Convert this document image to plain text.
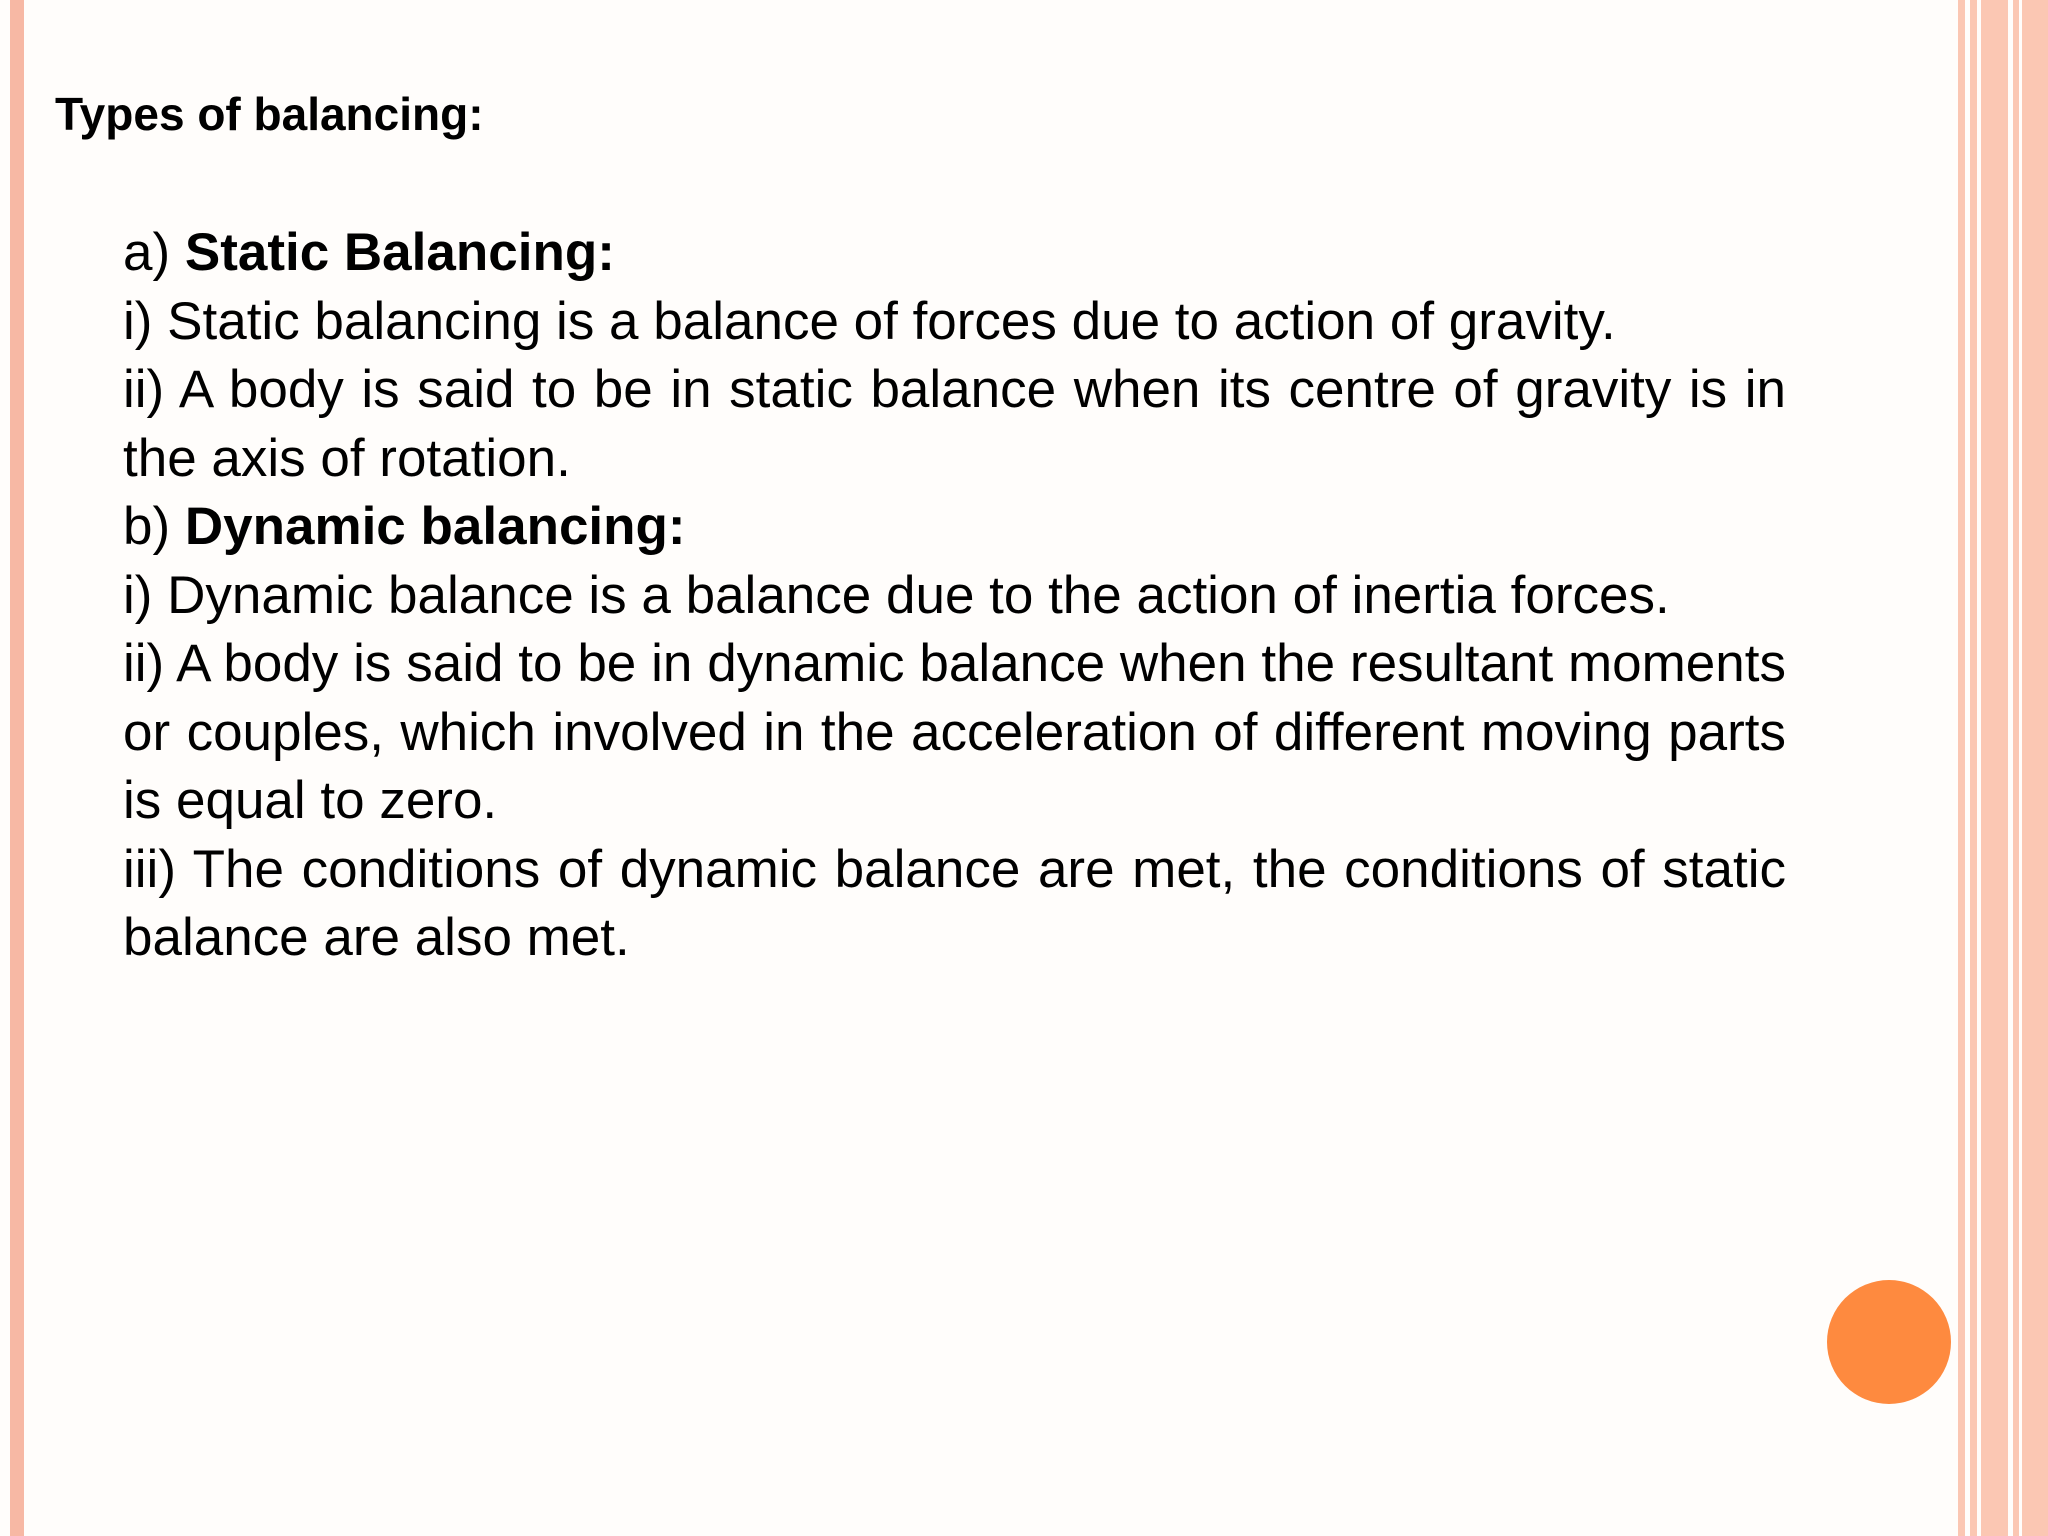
Types of balancing:

a) Static Balancing:

i) Static balancing is a balance of forces due to action of gravity.

ii) A body is said to be in static balance when its centre of gravity is in the axis of rotation.

b) Dynamic balancing:

i) Dynamic balance is a balance due to the action of inertia forces.

ii) A body is said to be in dynamic balance when the resultant moments or couples, which involved in the acceleration of different moving parts is equal to zero.

iii) The conditions of dynamic balance are met, the conditions of static balance are also met.
